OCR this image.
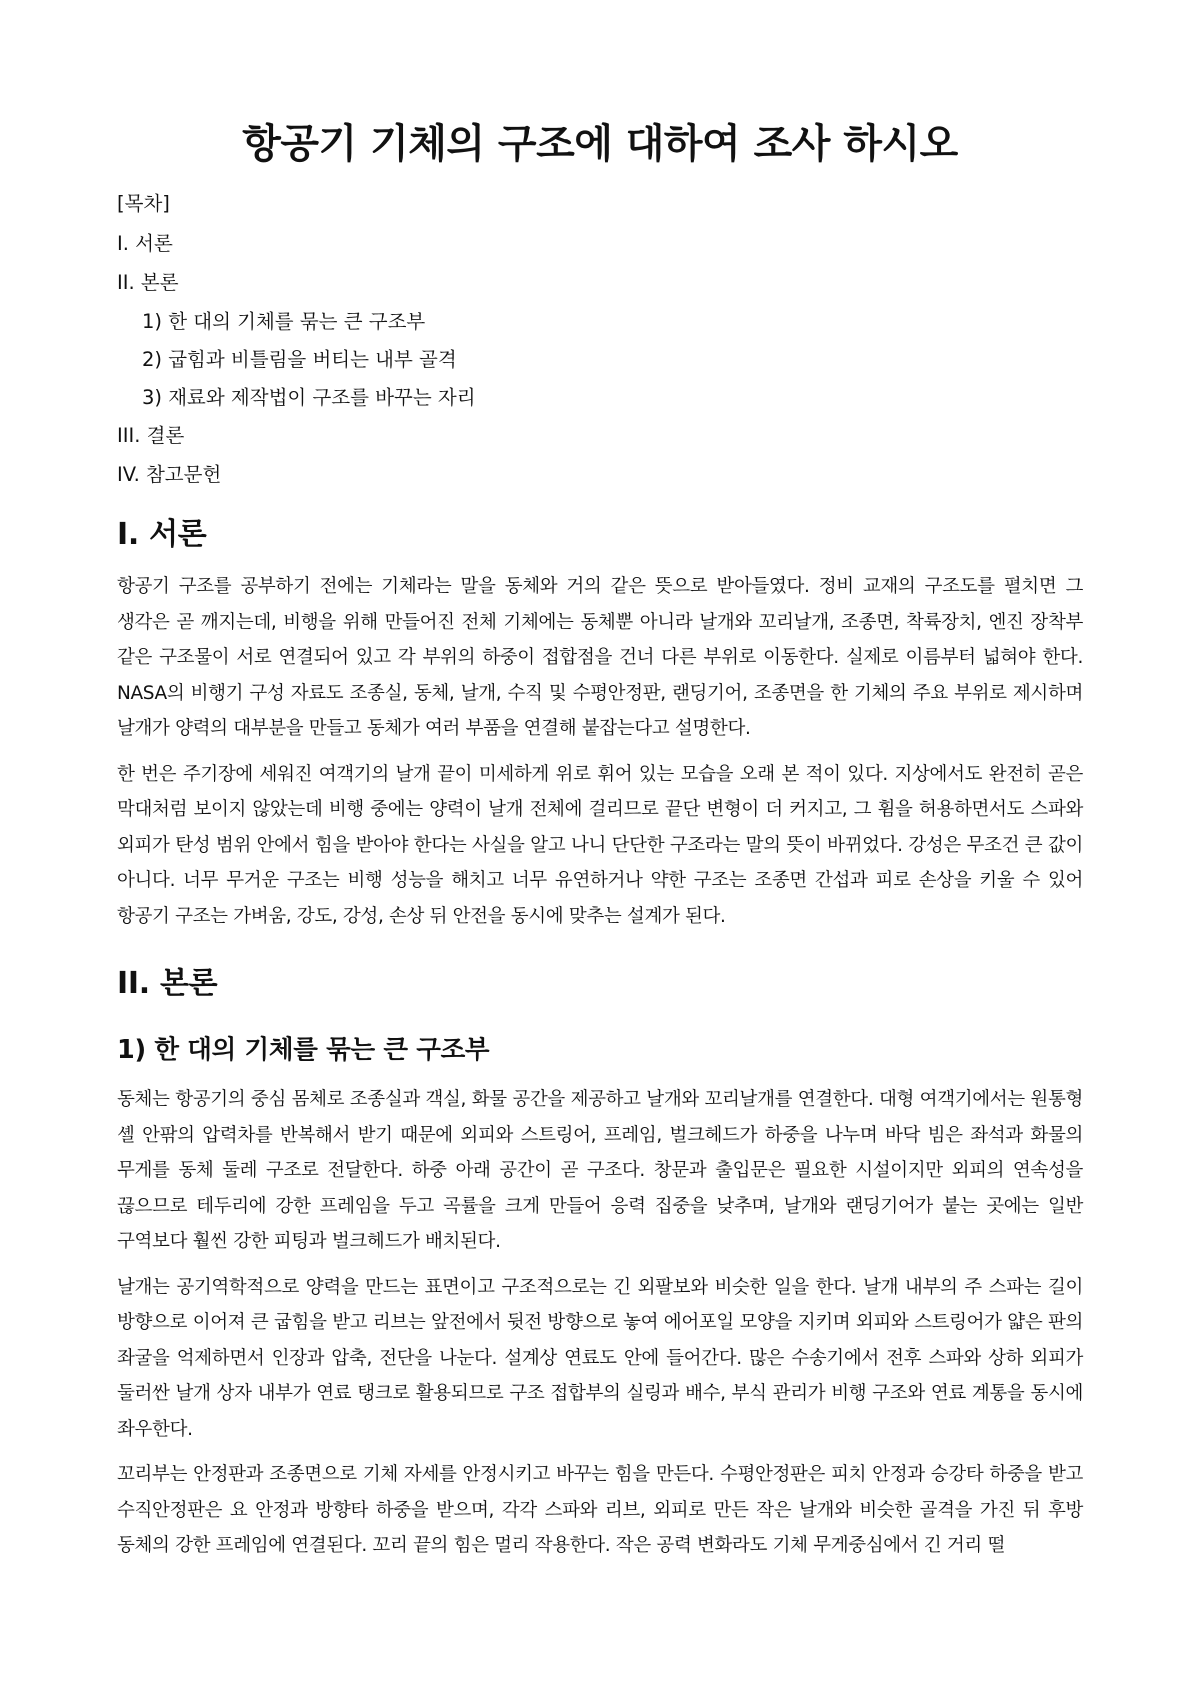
항공기 기체의 구조에 대하여 조사 하시오
[목차]
I. 서론
II. 본론
1) 한 대의 기체를 묶는 큰 구조부
2) 굽힘과 비틀림을 버티는 내부 골격
3) 재료와 제작법이 구조를 바꾸는 자리
III. 결론
IV. 참고문헌
I. 서론

항공기 구조를 공부하기 전에는 기체라는 말을 동체와 거의 같은 뜻으로 받아들였다. 정비 교재의 구조도를 펼치면 그 생각은 곧 깨지는데, 비행을 위해 만들어진 전체 기체에는 동체뿐 아니라 날개와 꼬리날개, 조종면, 착륙장치, 엔진 장착부 같은 구조물이 서로 연결되어 있고 각 부위의 하중이 접합점을 건너 다른 부위로 이동한다. 실제로 이름부터 넓혀야 한다. NASA의 비행기 구성 자료도 조종실, 동체, 날개, 수직 및 수평안정판, 랜딩기어, 조종면을 한 기체의 주요 부위로 제시하며 날개가 양력의 대부분을 만들고 동체가 여러 부품을 연결해 붙잡는다고 설명한다.

한 번은 주기장에 세워진 여객기의 날개 끝이 미세하게 위로 휘어 있는 모습을 오래 본 적이 있다. 지상에서도 완전히 곧은 막대처럼 보이지 않았는데 비행 중에는 양력이 날개 전체에 걸리므로 끝단 변형이 더 커지고, 그 휨을 허용하면서도 스파와 외피가 탄성 범위 안에서 힘을 받아야 한다는 사실을 알고 나니 단단한 구조라는 말의 뜻이 바뀌었다. 강성은 무조건 큰 값이 아니다. 너무 무거운 구조는 비행 성능을 해치고 너무 유연하거나 약한 구조는 조종면 간섭과 피로 손상을 키울 수 있어 항공기 구조는 가벼움, 강도, 강성, 손상 뒤 안전을 동시에 맞추는 설계가 된다.

II. 본론
1) 한 대의 기체를 묶는 큰 구조부

동체는 항공기의 중심 몸체로 조종실과 객실, 화물 공간을 제공하고 날개와 꼬리날개를 연결한다. 대형 여객기에서는 원통형 셸 안팎의 압력차를 반복해서 받기 때문에 외피와 스트링어, 프레임, 벌크헤드가 하중을 나누며 바닥 빔은 좌석과 화물의 무게를 동체 둘레 구조로 전달한다. 하중 아래 공간이 곧 구조다. 창문과 출입문은 필요한 시설이지만 외피의 연속성을 끊으므로 테두리에 강한 프레임을 두고 곡률을 크게 만들어 응력 집중을 낮추며, 날개와 랜딩기어가 붙는 곳에는 일반 구역보다 훨씬 강한 피팅과 벌크헤드가 배치된다.

날개는 공기역학적으로 양력을 만드는 표면이고 구조적으로는 긴 외팔보와 비슷한 일을 한다. 날개 내부의 주 스파는 길이 방향으로 이어져 큰 굽힘을 받고 리브는 앞전에서 뒷전 방향으로 놓여 에어포일 모양을 지키며 외피와 스트링어가 얇은 판의 좌굴을 억제하면서 인장과 압축, 전단을 나눈다. 설계상 연료도 안에 들어간다. 많은 수송기에서 전후 스파와 상하 외피가 둘러싼 날개 상자 내부가 연료 탱크로 활용되므로 구조 접합부의 실링과 배수, 부식 관리가 비행 구조와 연료 계통을 동시에 좌우한다.

꼬리부는 안정판과 조종면으로 기체 자세를 안정시키고 바꾸는 힘을 만든다. 수평안정판은 피치 안정과 승강타 하중을 받고 수직안정판은 요 안정과 방향타 하중을 받으며, 각각 스파와 리브, 외피로 만든 작은 날개와 비슷한 골격을 가진 뒤 후방 동체의 강한 프레임에 연결된다. 꼬리 끝의 힘은 멀리 작용한다. 작은 공력 변화라도 기체 무게중심에서 긴 거리 떨
